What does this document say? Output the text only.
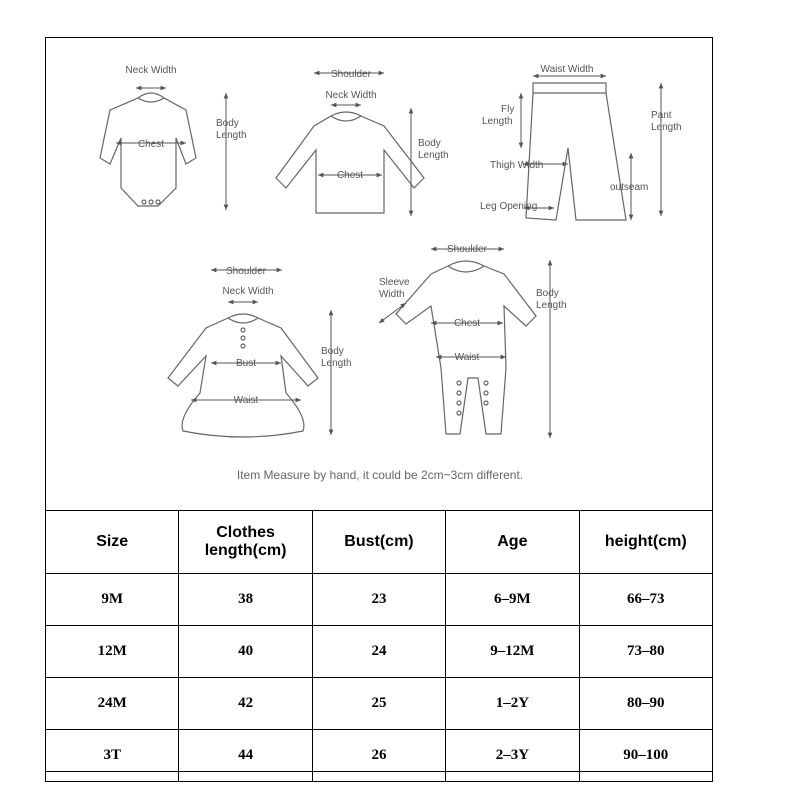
Neck Width
Chest
Body
Length
Shoulder
Neck Width
Chest
Body
Length
Waist Width
Fly
Length
Pant
Length
Thigh Width
outseam
Leg Opening
Shoulder
Neck Width
Bust
Waist
Body
Length
Shoulder
Sleeve
Width
Chest
Waist
Body
Length
Item Measure by hand, it could be 2cm~3cm different.
Size	Clothes length(cm)	Bust(cm)	Age	height(cm)
9M	38	23	6–9M	66–73
12M	40	24	9–12M	73–80
24M	42	25	1–2Y	80–90
3T	44	26	2–3Y	90–100
